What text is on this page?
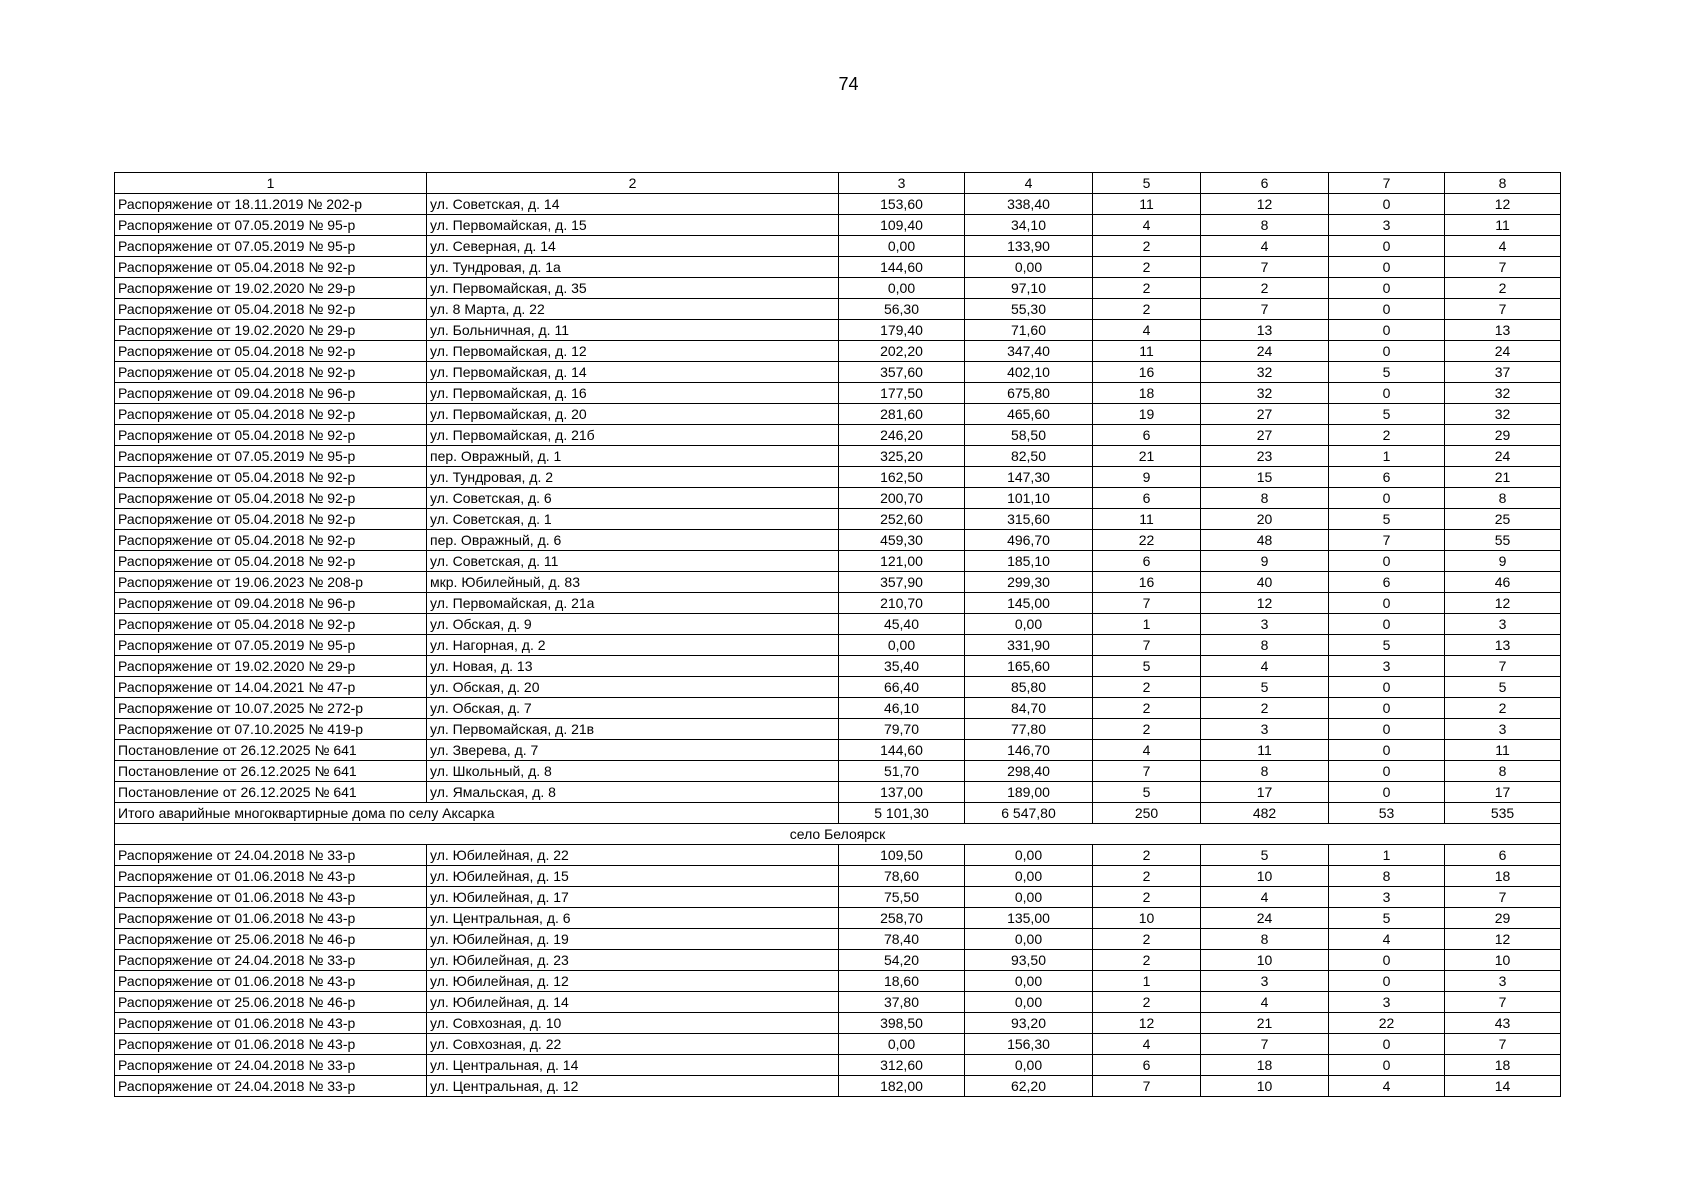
74
1	2	3	4	5	6	7	8
Распоряжение от 18.11.2019 № 202-р	ул. Советская, д. 14	153,60	338,40	11	12	0	12
Распоряжение от 07.05.2019 № 95-р	ул. Первомайская, д. 15	109,40	34,10	4	8	3	11
Распоряжение от 07.05.2019 № 95-р	ул. Северная, д. 14	0,00	133,90	2	4	0	4
Распоряжение от 05.04.2018 № 92-р	ул. Тундровая, д. 1а	144,60	0,00	2	7	0	7
Распоряжение от 19.02.2020 № 29-р	ул. Первомайская, д. 35	0,00	97,10	2	2	0	2
Распоряжение от 05.04.2018 № 92-р	ул. 8 Марта, д. 22	56,30	55,30	2	7	0	7
Распоряжение от 19.02.2020 № 29-р	ул. Больничная, д. 11	179,40	71,60	4	13	0	13
Распоряжение от 05.04.2018 № 92-р	ул. Первомайская, д. 12	202,20	347,40	11	24	0	24
Распоряжение от 05.04.2018 № 92-р	ул. Первомайская, д. 14	357,60	402,10	16	32	5	37
Распоряжение от 09.04.2018 № 96-р	ул. Первомайская, д. 16	177,50	675,80	18	32	0	32
Распоряжение от 05.04.2018 № 92-р	ул. Первомайская, д. 20	281,60	465,60	19	27	5	32
Распоряжение от 05.04.2018 № 92-р	ул. Первомайская, д. 21б	246,20	58,50	6	27	2	29
Распоряжение от 07.05.2019 № 95-р	пер. Овражный, д. 1	325,20	82,50	21	23	1	24
Распоряжение от 05.04.2018 № 92-р	ул. Тундровая, д. 2	162,50	147,30	9	15	6	21
Распоряжение от 05.04.2018 № 92-р	ул. Советская, д. 6	200,70	101,10	6	8	0	8
Распоряжение от 05.04.2018 № 92-р	ул. Советская, д. 1	252,60	315,60	11	20	5	25
Распоряжение от 05.04.2018 № 92-р	пер. Овражный, д. 6	459,30	496,70	22	48	7	55
Распоряжение от 05.04.2018 № 92-р	ул. Советская, д. 11	121,00	185,10	6	9	0	9
Распоряжение от 19.06.2023 № 208-р	мкр. Юбилейный, д. 83	357,90	299,30	16	40	6	46
Распоряжение от 09.04.2018 № 96-р	ул. Первомайская, д. 21а	210,70	145,00	7	12	0	12
Распоряжение от 05.04.2018 № 92-р	ул. Обская, д. 9	45,40	0,00	1	3	0	3
Распоряжение от 07.05.2019 № 95-р	ул. Нагорная, д. 2	0,00	331,90	7	8	5	13
Распоряжение от 19.02.2020 № 29-р	ул. Новая, д. 13	35,40	165,60	5	4	3	7
Распоряжение от 14.04.2021 № 47-р	ул. Обская, д. 20	66,40	85,80	2	5	0	5
Распоряжение от 10.07.2025 № 272-р	ул. Обская, д. 7	46,10	84,70	2	2	0	2
Распоряжение от 07.10.2025 № 419-р	ул. Первомайская, д. 21в	79,70	77,80	2	3	0	3
Постановление от 26.12.2025 № 641	ул. Зверева, д. 7	144,60	146,70	4	11	0	11
Постановление от 26.12.2025 № 641	ул. Школьный, д. 8	51,70	298,40	7	8	0	8
Постановление от 26.12.2025 № 641	ул. Ямальская, д. 8	137,00	189,00	5	17	0	17
Итого аварийные многоквартирные дома по селу Аксарка		5 101,30	6 547,80	250	482	53	535
село Белоярск							
Распоряжение от 24.04.2018 № 33-р	ул. Юбилейная, д. 22	109,50	0,00	2	5	1	6
Распоряжение от 01.06.2018 № 43-р	ул. Юбилейная, д. 15	78,60	0,00	2	10	8	18
Распоряжение от 01.06.2018 № 43-р	ул. Юбилейная, д. 17	75,50	0,00	2	4	3	7
Распоряжение от 01.06.2018 № 43-р	ул. Центральная, д. 6	258,70	135,00	10	24	5	29
Распоряжение от 25.06.2018 № 46-р	ул. Юбилейная, д. 19	78,40	0,00	2	8	4	12
Распоряжение от 24.04.2018 № 33-р	ул. Юбилейная, д. 23	54,20	93,50	2	10	0	10
Распоряжение от 01.06.2018 № 43-р	ул. Юбилейная, д. 12	18,60	0,00	1	3	0	3
Распоряжение от 25.06.2018 № 46-р	ул. Юбилейная, д. 14	37,80	0,00	2	4	3	7
Распоряжение от 01.06.2018 № 43-р	ул. Совхозная, д. 10	398,50	93,20	12	21	22	43
Распоряжение от 01.06.2018 № 43-р	ул. Совхозная, д. 22	0,00	156,30	4	7	0	7
Распоряжение от 24.04.2018 № 33-р	ул. Центральная, д. 14	312,60	0,00	6	18	0	18
Распоряжение от 24.04.2018 № 33-р	ул. Центральная, д. 12	182,00	62,20	7	10	4	14
